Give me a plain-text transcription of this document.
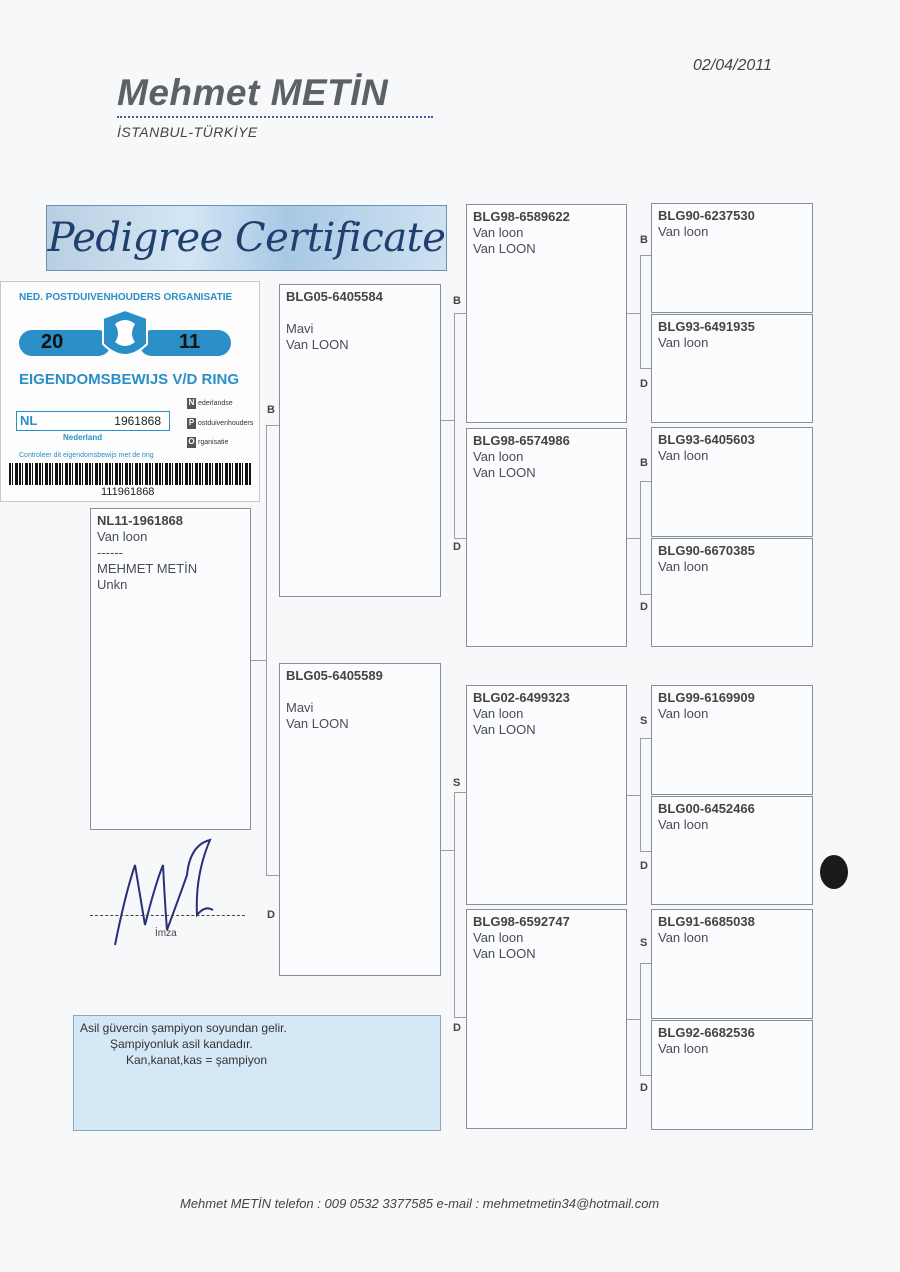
02/04/2011
Mehmet METİN
İSTANBUL-TÜRKİYE
Pedigree Certificate
NED. POSTDUIVENHOUDERS ORGANISATIE
20	11
EIGENDOMSBEWIJS V/D RING
NL	1961868
Nederland
N ederlandse
P ostduivenhouders
O rganisatie
Controleer dit eigendomsbewijs met de ring
111961868
NL11-1961868
Van loon
------
MEHMET METİN
Unkn
B
D
BLG05-6405584
Mavi
Van LOON
BLG05-6405589
Mavi
Van LOON
B
D
S
D
BLG98-6589622
Van loon
Van LOON
BLG98-6574986
Van loon
Van LOON
BLG02-6499323
Van loon
Van LOON
BLG98-6592747
Van loon
Van LOON
B
D
B
D
S
D
S
D
BLG90-6237530
Van loon
BLG93-6491935
Van loon
BLG93-6405603
Van loon
BLG90-6670385
Van loon
BLG99-6169909
Van loon
BLG00-6452466
Van loon
BLG91-6685038
Van loon
BLG92-6682536
Van loon
İmza
Asil güvercin şampiyon soyundan gelir.
Şampiyonluk asil kandadır.
Kan,kanat,kas = şampiyon
Mehmet METİN telefon : 009 0532 3377585 e-mail : mehmetmetin34@hotmail.com
